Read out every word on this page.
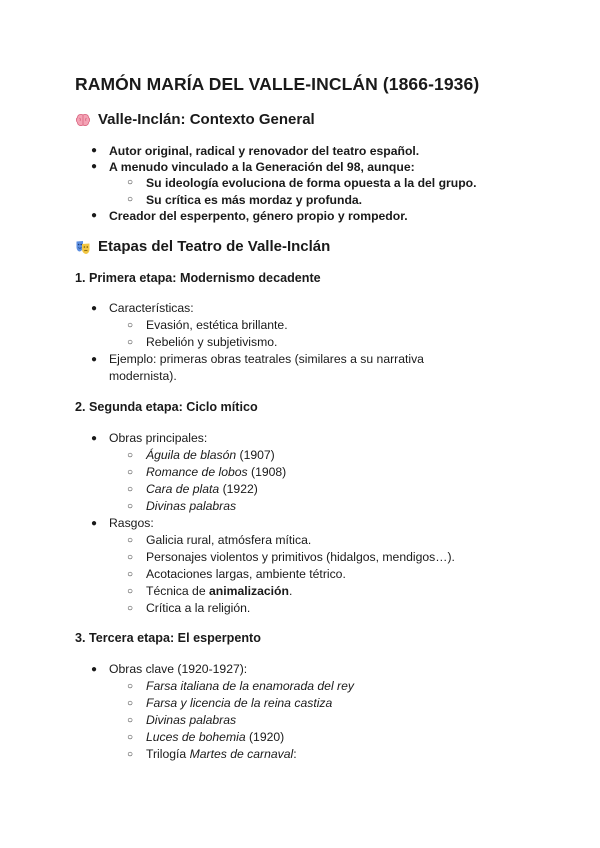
RAMÓN MARÍA DEL VALLE-INCLÁN (1866-1936)
Valle-Inclán: Contexto General
● Autor original, radical y renovador del teatro español.
● A menudo vinculado a la Generación del 98, aunque:
○ Su ideología evoluciona de forma opuesta a la del grupo.
○ Su crítica es más mordaz y profunda.
● Creador del esperpento, género propio y rompedor.
Etapas del Teatro de Valle-Inclán
1. Primera etapa: Modernismo decadente
● Características:
○ Evasión, estética brillante.
○ Rebelión y subjetivismo.
● Ejemplo: primeras obras teatrales (similares a su narrativa
modernista).
2. Segunda etapa: Ciclo mítico
● Obras principales:
○ Águila de blasón (1907)
○ Romance de lobos (1908)
○ Cara de plata (1922)
○ Divinas palabras
● Rasgos:
○ Galicia rural, atmósfera mítica.
○ Personajes violentos y primitivos (hidalgos, mendigos…).
○ Acotaciones largas, ambiente tétrico.
○ Técnica de animalización.
○ Crítica a la religión.
3. Tercera etapa: El esperpento
● Obras clave (1920-1927):
○ Farsa italiana de la enamorada del rey
○ Farsa y licencia de la reina castiza
○ Divinas palabras
○ Luces de bohemia (1920)
○ Trilogía Martes de carnaval:
